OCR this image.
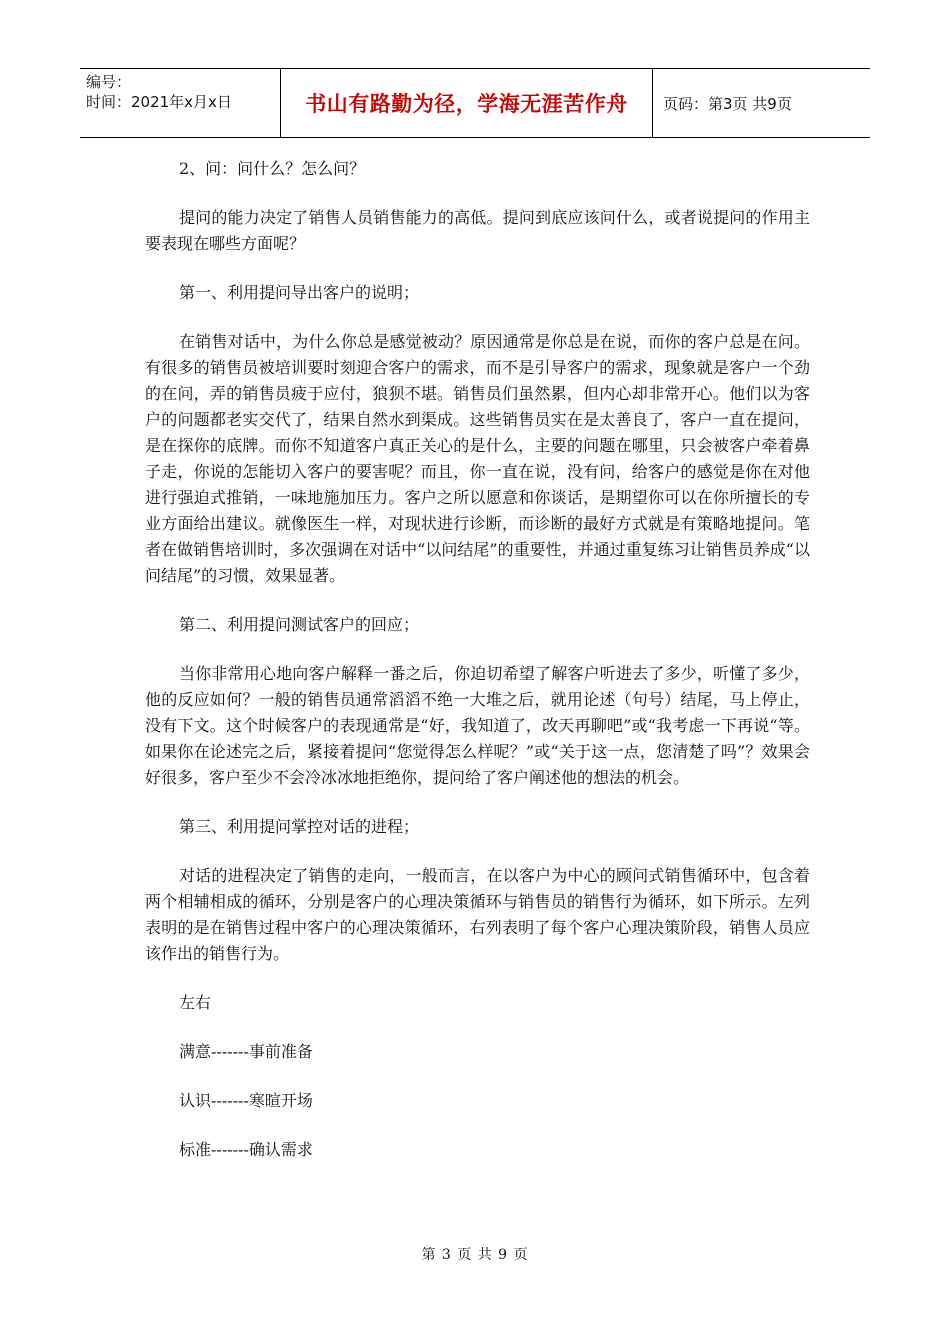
编号：
时间：2021年x月x日	书山有路勤为径，学海无涯苦作舟	页码：第3页 共9页

2、问：问什么？怎么问？

提问的能力决定了销售人员销售能力的高低。提问到底应该问什么，或者说提问的作用主要表现在哪些方面呢？

第一、利用提问导出客户的说明；

在销售对话中，为什么你总是感觉被动？原因通常是你总是在说，而你的客户总是在问。有很多的销售员被培训要时刻迎合客户的需求，而不是引导客户的需求，现象就是客户一个劲的在问，弄的销售员疲于应付，狼狈不堪。销售员们虽然累，但内心却非常开心。他们以为客户的问题都老实交代了，结果自然水到渠成。这些销售员实在是太善良了，客户一直在提问，是在探你的底牌。而你不知道客户真正关心的是什么，主要的问题在哪里，只会被客户牵着鼻子走，你说的怎能切入客户的要害呢？而且，你一直在说，没有问，给客户的感觉是你在对他进行强迫式推销，一味地施加压力。客户之所以愿意和你谈话，是期望你可以在你所擅长的专业方面给出建议。就像医生一样，对现状进行诊断，而诊断的最好方式就是有策略地提问。笔者在做销售培训时，多次强调在对话中“以问结尾”的重要性，并通过重复练习让销售员养成“以问结尾”的习惯，效果显著。

第二、利用提问测试客户的回应；

当你非常用心地向客户解释一番之后，你迫切希望了解客户听进去了多少，听懂了多少，他的反应如何？一般的销售员通常滔滔不绝一大堆之后，就用论述（句号）结尾，马上停止，没有下文。这个时候客户的表现通常是“好，我知道了，改天再聊吧”或“我考虑一下再说“等。如果你在论述完之后，紧接着提问“您觉得怎么样呢？”或“关于这一点，您清楚了吗”？效果会好很多，客户至少不会冷冰冰地拒绝你，提问给了客户阐述他的想法的机会。

第三、利用提问掌控对话的进程；

对话的进程决定了销售的走向，一般而言，在以客户为中心的顾问式销售循环中，包含着两个相辅相成的循环，分别是客户的心理决策循环与销售员的销售行为循环，如下所示。左列表明的是在销售过程中客户的心理决策循环，右列表明了每个客户心理决策阶段，销售人员应该作出的销售行为。

左右

满意-------事前准备

认识-------寒暄开场

标准-------确认需求

第 3 页 共 9 页
